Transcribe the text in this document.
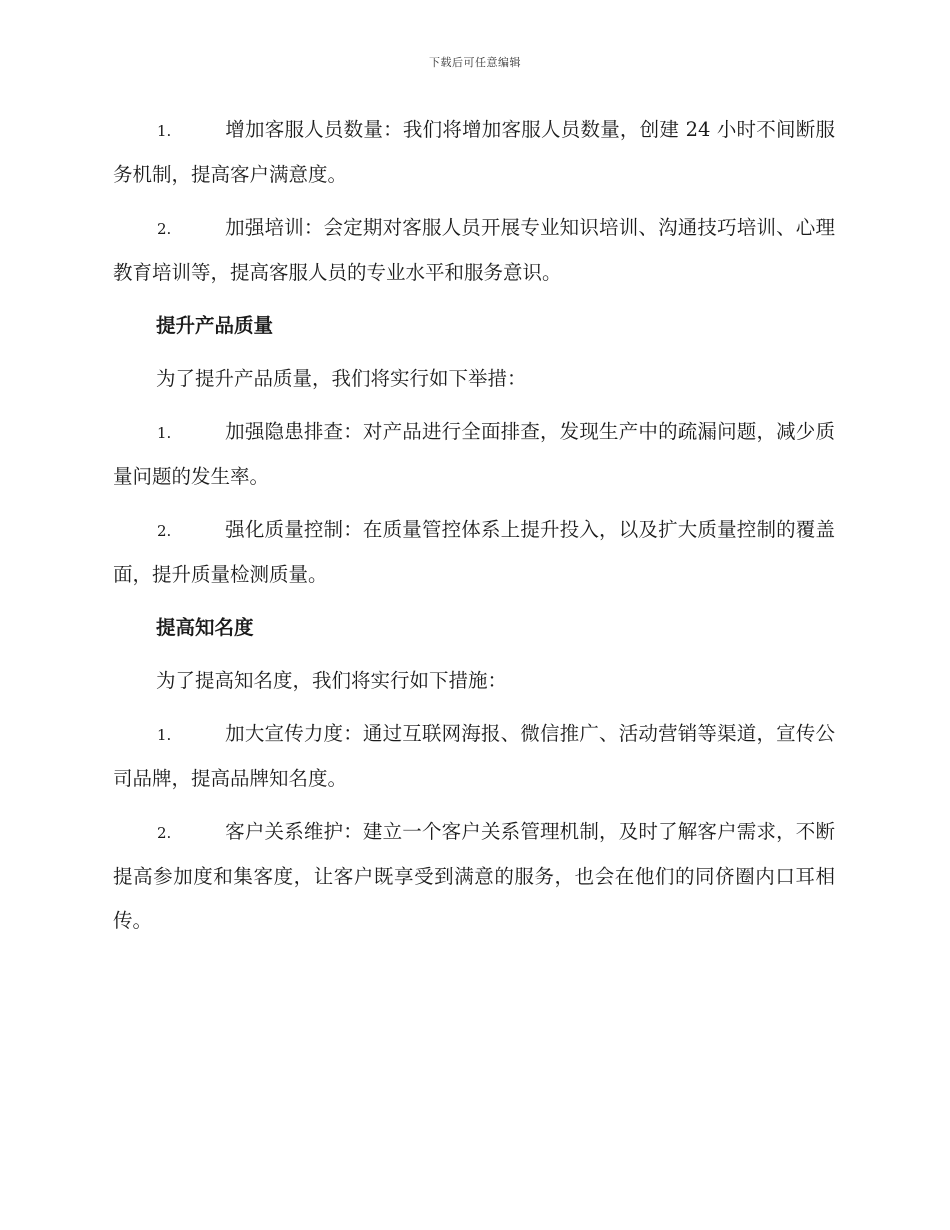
下载后可任意编辑

1.	增加客服人员数量：我们将增加客服人员数量，创建 24 小时不间断服务机制，提高客户满意度。

2.	加强培训：会定期对客服人员开展专业知识培训、沟通技巧培训、心理教育培训等，提高客服人员的专业水平和服务意识。

提升产品质量

为了提升产品质量，我们将实行如下举措：

1.	加强隐患排查：对产品进行全面排查，发现生产中的疏漏问题，减少质量问题的发生率。

2.	强化质量控制：在质量管控体系上提升投入，以及扩大质量控制的覆盖面，提升质量检测质量。

提高知名度

为了提高知名度，我们将实行如下措施：

1.	加大宣传力度：通过互联网海报、微信推广、活动营销等渠道，宣传公司品牌，提高品牌知名度。

2.	客户关系维护：建立一个客户关系管理机制，及时了解客户需求，不断提高参加度和集客度，让客户既享受到满意的服务，也会在他们的同侪圈内口耳相传。
